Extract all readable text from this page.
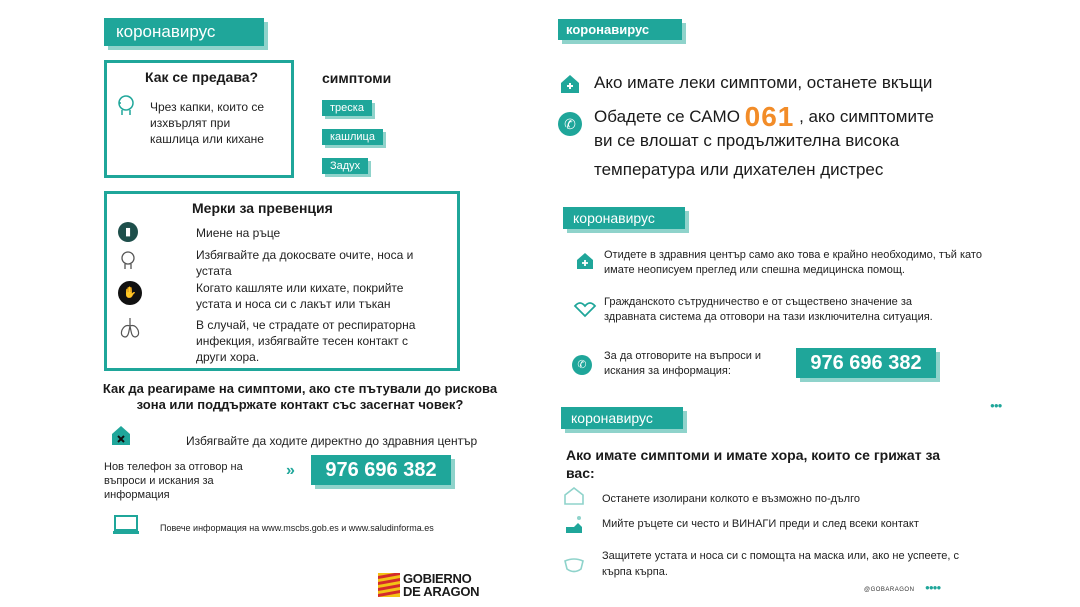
коронавирус
Как се предава?
Чрез капки, които се изхвърлят при кашлица или кихане
симптоми
треска
кашлица
Задух
Мерки за превенция
▮	Миене на ръце
Избягвайте да докосвате очите, носа и устата
✋	Когато кашляте или кихате, покрийте устата и носа си с лакът или тъкан
В случай, че страдате от респираторна инфекция, избягвайте тесен контакт с други хора.
Как да реагираме на симптоми, ако сте пътували до рискова зона или поддържате контакт със засегнат човек?
Избягвайте да ходите директно до здравния център
Нов телефон за отговор на въпроси и искания за информация
»	976 696 382
Повече информация на www.mscbs.gob.es и www.saludinforma.es
GOBIERNO
DE ARAGON
коронавирус
Ако имате леки симптоми, останете вкъщи
Обадете се САМО 061 , ако симптомите
✆
ви се влошат с продължителна висока
температура или дихателен дистрес
коронавирус
Отидете в здравния център само ако това е крайно необходимо, тъй като имате неописуем преглед или спешна медицинска помощ.
Гражданското сътрудничество е от съществено значение за здравната система да отговори на тази изключителна ситуация.
✆
За да отговорите на въпроси и искания за информация:	976 696 382
●●●
коронавирус
Ако имате симптоми и имате хора, които се грижат за вас:
Останете изолирани колкото е възможно по-дълго
Мийте ръцете си често и ВИНАГИ преди и след всеки контакт
Защитете устата и носа си с помощта на маска или, ако не успеете, с кърпа кърпа.
@GOBARAGON ●●●●
